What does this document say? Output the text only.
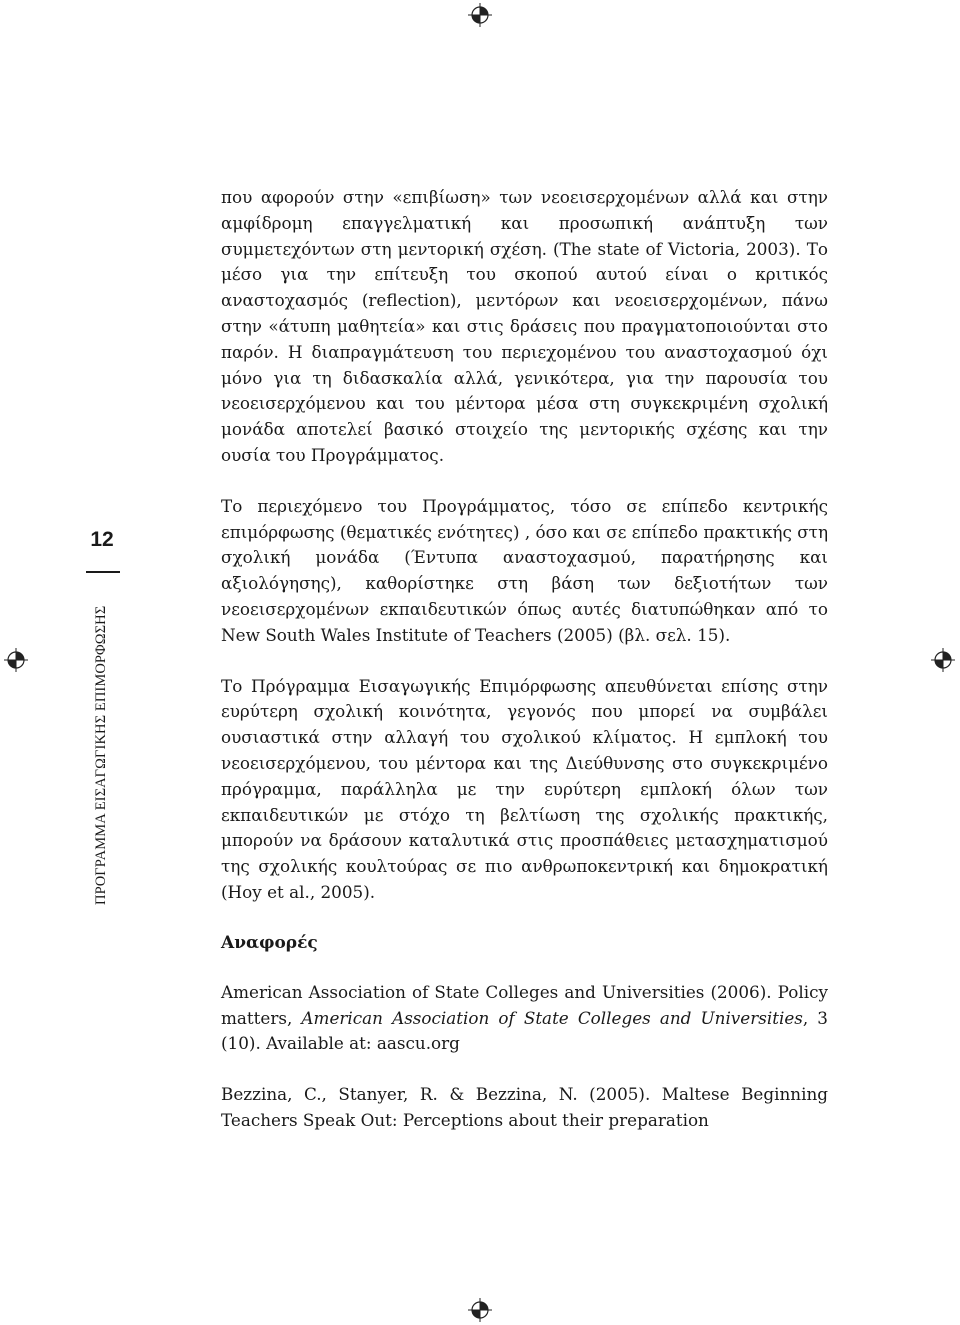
12
ΠΡΟΓΡΑΜΜΑ ΕΙΣΑΓΩΓΙΚΗΣ ΕΠΙΜΟΡΦΩΣΗΣ

που αφορούν στην «επιβίωση» των νεοεισερχομένων αλλά και στην αμφίδρομη επαγγελματική και προσωπική ανάπτυξη των συμμετεχόντων στη μεντορική σχέση. (The state of Victoria, 2003). Το μέσο για την επίτευξη του σκοπού αυτού είναι ο κριτικός αναστοχασμός (reflection), μεντόρων και νεοεισερχομένων, πάνω στην «άτυπη μαθητεία» και στις δράσεις που πραγματοποιούνται στο παρόν. Η διαπραγμάτευση του περιεχομένου του αναστοχασμού όχι μόνο για τη διδασκαλία αλλά, γενικότερα, για την παρουσία του νεοεισερχόμενου και του μέντορα μέσα στη συγκεκριμένη σχολική μονάδα αποτελεί βασικό στοιχείο της μεντορικής σχέσης και την ουσία του Προγράμματος.

Το περιεχόμενο του Προγράμματος, τόσο σε επίπεδο κεντρικής επιμόρφωσης (θεματικές ενότητες) , όσο και σε επίπεδο πρακτικής στη σχολική μονάδα (Έντυπα αναστοχασμού, παρατήρησης και αξιολόγησης), καθορίστηκε στη βάση των δεξιοτήτων των νεοεισερχομένων εκπαιδευτικών όπως αυτές διατυπώθηκαν από το New South Wales Institute of Teachers (2005) (βλ. σελ. 15).

Το Πρόγραμμα Εισαγωγικής Επιμόρφωσης απευθύνεται επίσης στην ευρύτερη σχολική κοινότητα, γεγονός που μπορεί να συμβάλει ουσιαστικά στην αλλαγή του σχολικού κλίματος. Η εμπλοκή του νεοεισερχόμενου, του μέντορα και της Διεύθυνσης στο συγκεκριμένο πρόγραμμα, παράλληλα με την ευρύτερη εμπλοκή όλων των εκπαιδευτικών με στόχο τη βελτίωση της σχολικής πρακτικής, μπορούν να δράσουν καταλυτικά στις προσπάθειες μετασχηματισμού της σχολικής κουλτούρας σε πιο ανθρωποκεντρική και δημοκρατική (Hoy et al., 2005).

Αναφορές

American Association of State Colleges and Universities (2006). Policy matters, American Association of State Colleges and Universities, 3 (10). Available at: aascu.org

Bezzina, C., Stanyer, R. & Bezzina, N. (2005). Maltese Beginning Teachers Speak Out: Perceptions about their preparation
